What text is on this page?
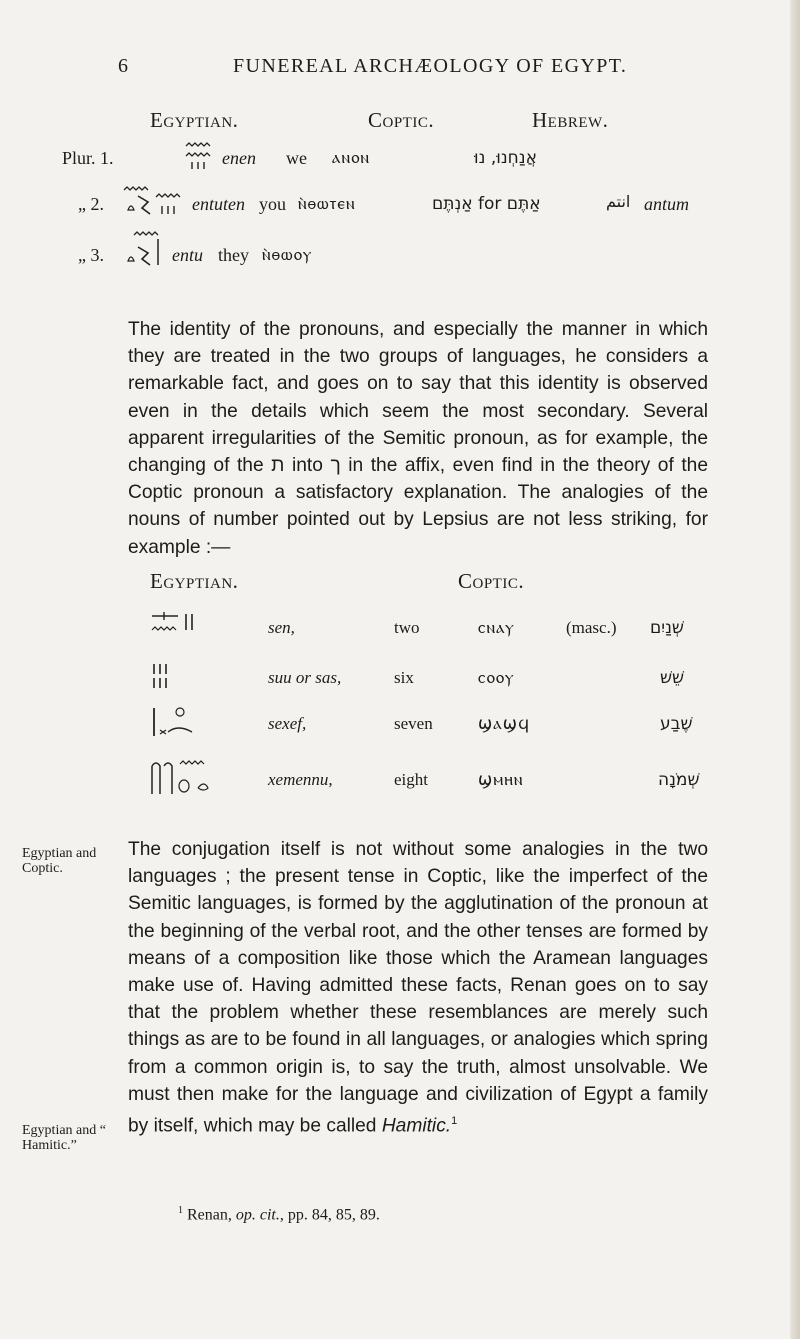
6	FUNEREAL ARCHÆOLOGY OF EGYPT.
Egyptian.	Coptic.	Hebrew.
Plur. 1.	enen we ⲁⲛⲟⲛ	אֲנַחְנוּ, נוּ
„ 2.	entuten you ⲛ̀ⲑⲱⲧⲉⲛ	אַתֶּם for אַנְתֶּם	انتم antum
„ 3.	entu they ⲛ̀ⲑⲱⲟⲩ

The identity of the pronouns, and especially the manner in which they are treated in the two groups of languages, he considers a remarkable fact, and goes on to say that this identity is observed even in the details which seem the most secondary. Several apparent irregularities of the Semitic pronoun, as for example, the changing of the ת into ך in the affix, even find in the theory of the Coptic pronoun a satisfactory explanation. The analogies of the nouns of number pointed out by Lepsius are not less striking, for example :—

Egyptian.	Coptic.
sen,	two	ⲥⲛⲁⲩ	(masc.) שְׁנַיִם
suu or sas,	six	ⲥⲟⲟⲩ	שֵׁשׁ
sexef,	seven	ϣⲁϣϥ	שֶׁבַע
xemennu,	eight	ϣⲙⲏⲛ	שְׁמֹנָה
Egyptian and Coptic.
Egyptian and “ Hamitic.”

The conjugation itself is not without some analogies in the two languages ; the present tense in Coptic, like the imperfect of the Semitic languages, is formed by the agglutination of the pronoun at the beginning of the verbal root, and the other tenses are formed by means of a composition like those which the Aramean languages make use of. Having admitted these facts, Renan goes on to say that the problem whether these resemblances are merely such things as are to be found in all languages, or analogies which spring from a common origin is, to say the truth, almost unsolvable. We must then make for the language and civilization of Egypt a family by itself, which may be called Hamitic.$^1$

$^1$ Renan, op. cit., pp. 84, 85, 89.
